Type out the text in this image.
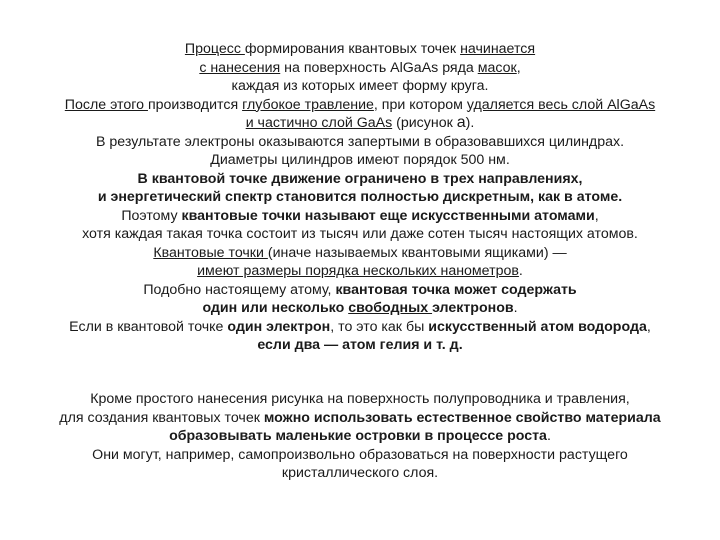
Процесс формирования квантовых точек начинается
с нанесения на поверхность AlGaAs ряда масок,
каждая из которых имеет форму круга.
После этого производится глубокое травление, при котором удаляется весь слой AlGaAs
и частично слой GaAs (рисунок а).
В результате электроны оказываются запертыми в образовавшихся цилиндрах.
Диаметры цилиндров имеют порядок 500 нм.
В квантовой точке движение ограничено в трех направлениях,
и энергетический спектр становится полностью дискретным, как в атоме.
Поэтому квантовые точки называют еще искусственными атомами,
хотя каждая такая точка состоит из тысяч или даже сотен тысяч настоящих атомов.
Квантовые точки (иначе называемых квантовыми ящиками) —
имеют размеры порядка нескольких нанометров.
Подобно настоящему атому, квантовая точка может содержать
один или несколько свободных электронов.
Если в квантовой точке один электрон, то это как бы искусственный атом водорода,
если два — атом гелия и т. д.
Кроме простого нанесения рисунка на поверхность полупроводника и травления,
для создания квантовых точек можно использовать естественное свойство материала
образовывать маленькие островки в процессе роста.
Они могут, например, самопроизвольно образоваться на поверхности растущего
кристаллического слоя.
